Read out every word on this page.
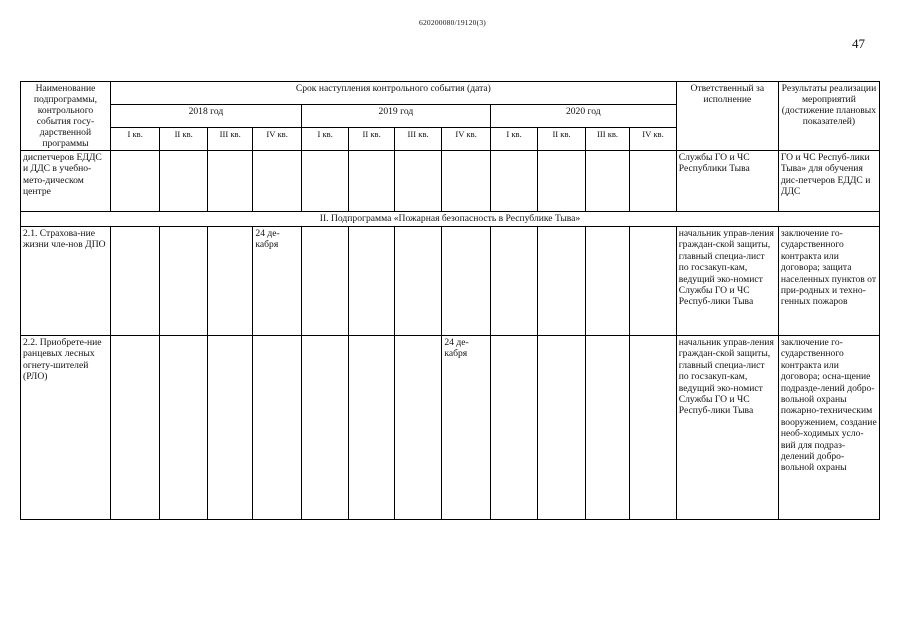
620200080/19120(3)
47
Наименование подпрограммы, контрольного события госу-дарственной программы	Срок наступления контрольного события (дата)												Ответственный за исполнение	Результаты реализации мероприятий (достижение плановых показателей)
	2018 год				2019 год				2020 год					
	I кв.	II кв.	III кв.	IV кв.	I кв.	II кв.	III кв.	IV кв.	I кв.	II кв.	III кв.	IV кв.		
диспетчеров ЕДДС и ДДС в учебно-мето-дическом центре													Службы ГО и ЧС Республики Тыва	ГО и ЧС Респуб-лики Тыва» для обучения дис-петчеров ЕДДС и ДДС
II. Подпрограмма «Пожарная безопасность в Республике Тыва»														
2.1. Страхова-ние жизни чле-нов ДПО				24 де-кабря									начальник управ-ления граждан-ской защиты, главный специа-лист по госзакуп-кам, ведущий эко-номист Службы ГО и ЧС Респуб-лики Тыва	заключение го-сударственного контракта или договора; защита населенных пунктов от при-родных и техно-генных пожаров
2.2. Приобрете-ние ранцевых лесных огнету-шителей (РЛО)								24 де-кабря					начальник управ-ления граждан-ской защиты, главный специа-лист по госзакуп-кам, ведущий эко-номист Службы ГО и ЧС Респуб-лики Тыва	заключение го-сударственного контракта или договора; осна-щение подразде-лений добро-вольной охраны пожарно-техническим вооружением, создание необ-ходимых усло-вий для подраз-делений добро-вольной охраны
